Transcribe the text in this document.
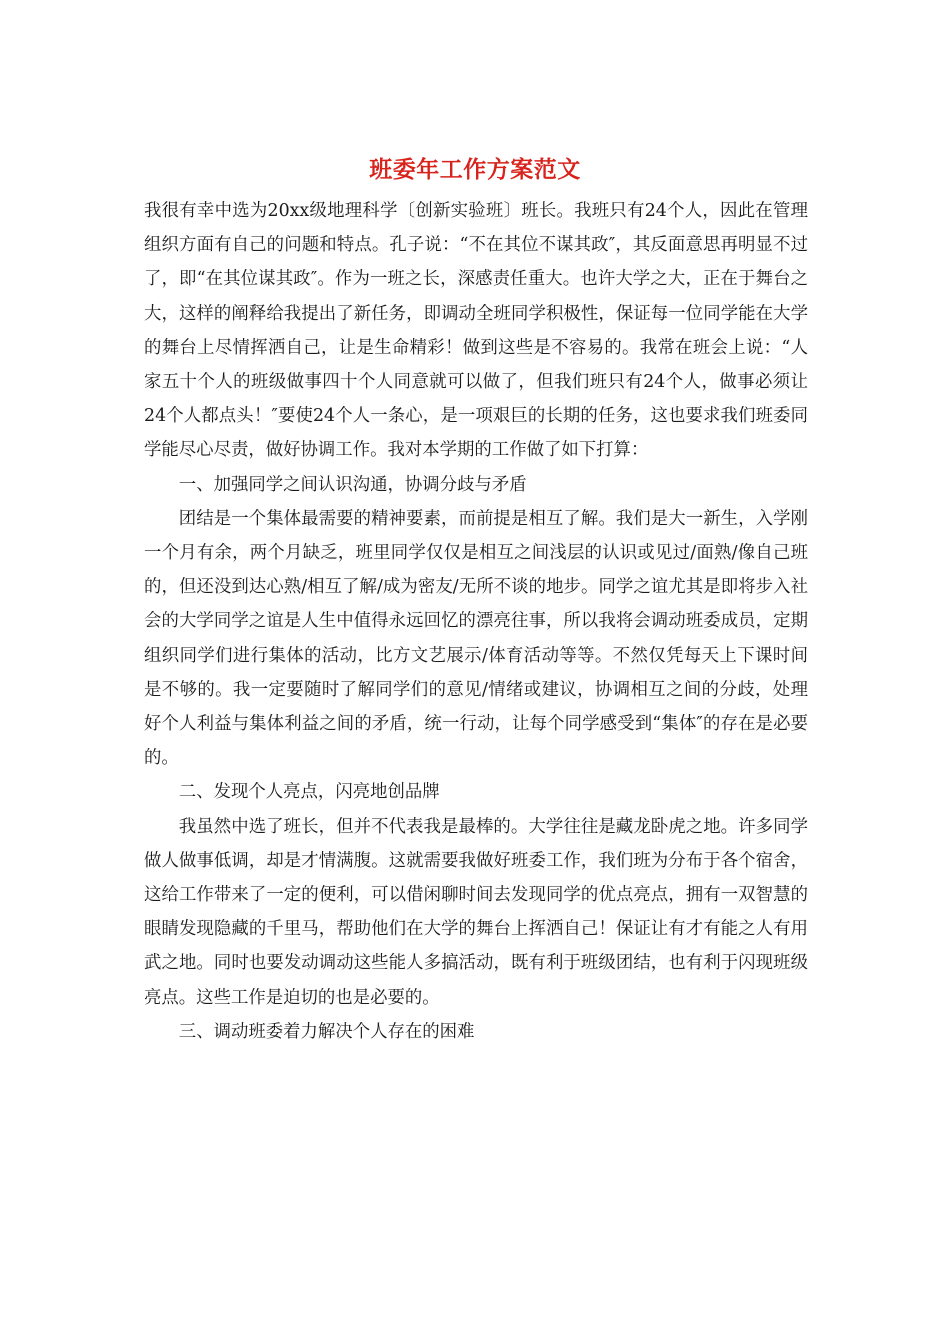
班委年工作方案范文

我很有幸中选为20xx级地理科学〔创新实验班〕班长。我班只有24个人，因此在管理组织方面有自己的问题和特点。孔子说：“不在其位不谋其政″，其反面意思再明显不过了，即“在其位谋其政″。作为一班之长，深感责任重大。也许大学之大，正在于舞台之大，这样的阐释给我提出了新任务，即调动全班同学积极性，保证每一位同学能在大学的舞台上尽情挥洒自己，让是生命精彩！做到这些是不容易的。我常在班会上说：“人家五十个人的班级做事四十个人同意就可以做了，但我们班只有24个人，做事必须让24个人都点头！″要使24个人一条心，是一项艰巨的长期的任务，这也要求我们班委同学能尽心尽责，做好协调工作。我对本学期的工作做了如下打算：

一、加强同学之间认识沟通，协调分歧与矛盾

团结是一个集体最需要的精神要素，而前提是相互了解。我们是大一新生，入学刚一个月有余，两个月缺乏，班里同学仅仅是相互之间浅层的认识或见过/面熟/像自己班的，但还没到达心熟/相互了解/成为密友/无所不谈的地步。同学之谊尤其是即将步入社会的大学同学之谊是人生中值得永远回忆的漂亮往事，所以我将会调动班委成员，定期组织同学们进行集体的活动，比方文艺展示/体育活动等等。不然仅凭每天上下课时间是不够的。我一定要随时了解同学们的意见/情绪或建议，协调相互之间的分歧，处理好个人利益与集体利益之间的矛盾，统一行动，让每个同学感受到“集体″的存在是必要的。

二、发现个人亮点，闪亮地创品牌

我虽然中选了班长，但并不代表我是最棒的。大学往往是藏龙卧虎之地。许多同学做人做事低调，却是才情满腹。这就需要我做好班委工作，我们班为分布于各个宿舍，这给工作带来了一定的便利，可以借闲聊时间去发现同学的优点亮点，拥有一双智慧的眼睛发现隐藏的千里马，帮助他们在大学的舞台上挥洒自己！保证让有才有能之人有用武之地。同时也要发动调动这些能人多搞活动，既有利于班级团结，也有利于闪现班级亮点。这些工作是迫切的也是必要的。

三、调动班委着力解决个人存在的困难
